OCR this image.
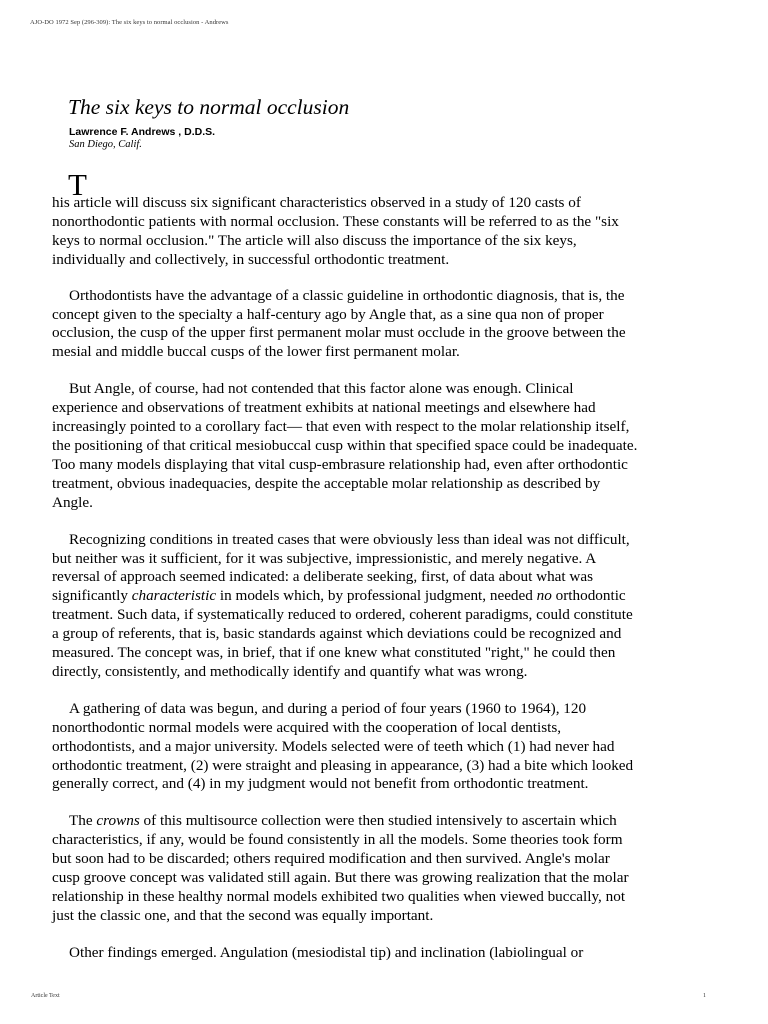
AJO-DO 1972 Sep (296-309): The six keys to normal occlusion - Andrews
The six keys to normal occlusion
Lawrence F. Andrews , D.D.S.
San Diego, Calif.

T
his article will discuss six significant characteristics observed in a study of 120 casts of
nonorthodontic patients with normal occlusion. These constants will be referred to as the "six
keys to normal occlusion." The article will also discuss the importance of the six keys,
individually and collectively, in successful orthodontic treatment.

Orthodontists have the advantage of a classic guideline in orthodontic diagnosis, that is, the
concept given to the specialty a half-century ago by Angle that, as a sine qua non of proper
occlusion, the cusp of the upper first permanent molar must occlude in the groove between the
mesial and middle buccal cusps of the lower first permanent molar.

But Angle, of course, had not contended that this factor alone was enough. Clinical
experience and observations of treatment exhibits at national meetings and elsewhere had
increasingly pointed to a corollary fact— that even with respect to the molar relationship itself,
the positioning of that critical mesiobuccal cusp within that specified space could be inadequate.
Too many models displaying that vital cusp-embrasure relationship had, even after orthodontic
treatment, obvious inadequacies, despite the acceptable molar relationship as described by
Angle.

Recognizing conditions in treated cases that were obviously less than ideal was not difficult,
but neither was it sufficient, for it was subjective, impressionistic, and merely negative. A
reversal of approach seemed indicated: a deliberate seeking, first, of data about what was
significantly characteristic in models which, by professional judgment, needed no orthodontic
treatment. Such data, if systematically reduced to ordered, coherent paradigms, could constitute
a group of referents, that is, basic standards against which deviations could be recognized and
measured. The concept was, in brief, that if one knew what constituted "right," he could then
directly, consistently, and methodically identify and quantify what was wrong.

A gathering of data was begun, and during a period of four years (1960 to 1964), 120
nonorthodontic normal models were acquired with the cooperation of local dentists,
orthodontists, and a major university. Models selected were of teeth which (1) had never had
orthodontic treatment, (2) were straight and pleasing in appearance, (3) had a bite which looked
generally correct, and (4) in my judgment would not benefit from orthodontic treatment.

The crowns of this multisource collection were then studied intensively to ascertain which
characteristics, if any, would be found consistently in all the models. Some theories took form
but soon had to be discarded; others required modification and then survived. Angle's molar
cusp groove concept was validated still again. But there was growing realization that the molar
relationship in these healthy normal models exhibited two qualities when viewed buccally, not
just the classic one, and that the second was equally important.

Other findings emerged. Angulation (mesiodistal tip) and inclination (labiolingual or

Article Text	1
